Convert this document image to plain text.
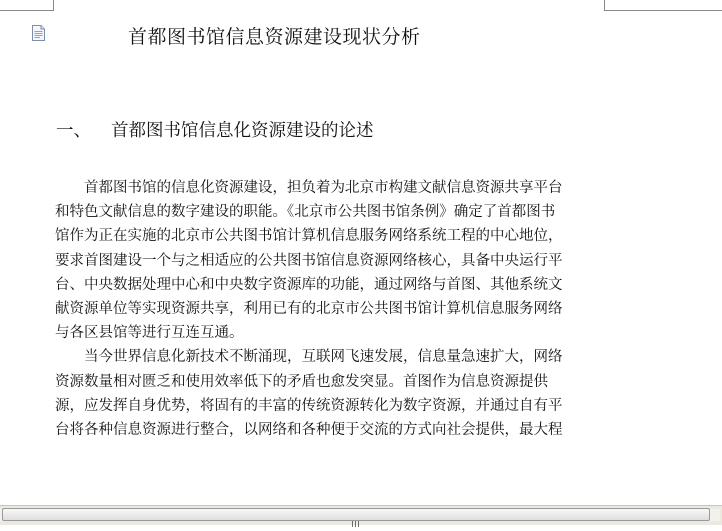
首都图书馆信息资源建设现状分析
一、 首都图书馆信息化资源建设的论述

首都图书馆的信息化资源建设，担负着为北京市构建文献信息资源共享平台
和特色文献信息的数字建设的职能。《北京市公共图书馆条例》确定了首都图书
馆作为正在实施的北京市公共图书馆计算机信息服务网络系统工程的中心地位，
要求首图建设一个与之相适应的公共图书馆信息资源网络核心，具备中央运行平
台、中央数据处理中心和中央数字资源库的功能，通过网络与首图、其他系统文
献资源单位等实现资源共享，利用已有的北京市公共图书馆计算机信息服务网络
与各区县馆等进行互连互通。

当今世界信息化新技术不断涌现，互联网飞速发展，信息量急速扩大，网络
资源数量相对匮乏和使用效率低下的矛盾也愈发突显。首图作为信息资源提供
源，应发挥自身优势，将固有的丰富的传统资源转化为数字资源，并通过自有平
台将各种信息资源进行整合，以网络和各种便于交流的方式向社会提供，最大程
